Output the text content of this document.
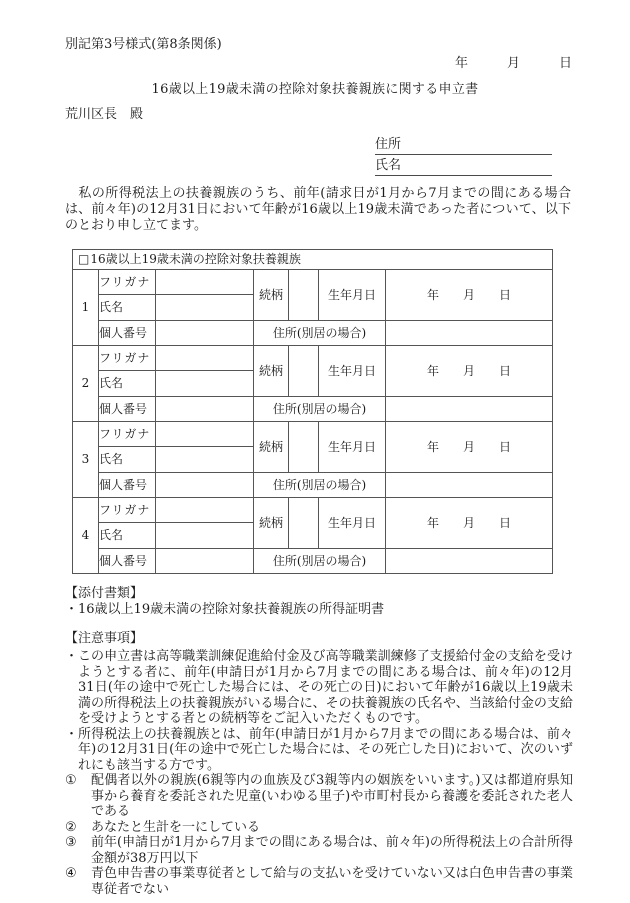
別記第3号様式(第8条関係)
年　　　月　　　日
16歳以上19歳未満の控除対象扶養親族に関する申立書
荒川区長　殿
住所
氏名

　私の所得税法上の扶養親族のうち、前年(請求日が1月から7月までの間にある場合は、前々年)の12月31日において年齢が16歳以上19歳未満であった者について、以下のとおり申し立てます。

□16歳以上19歳未満の控除対象扶養親族						
1	フリガナ		続柄		生年月日	年　　月　　日
	氏名					
	個人番号		住所(別居の場合)			
2	フリガナ		続柄		生年月日	年　　月　　日
	氏名					
	個人番号		住所(別居の場合)			
3	フリガナ		続柄		生年月日	年　　月　　日
	氏名					
	個人番号		住所(別居の場合)			
4	フリガナ		続柄		生年月日	年　　月　　日
	氏名					
	個人番号		住所(別居の場合)			
【添付書類】
・16歳以上19歳未満の控除対象扶養親族の所得証明書
【注意事項】
・ この申立書は高等職業訓練促進給付金及び高等職業訓練修了支援給付金の支給を受けようとする者に、前年(申請日が1月から7月までの間にある場合は、前々年)の12月31日(年の途中で死亡した場合には、その死亡の日)において年齢が16歳以上19歳未満の所得税法上の扶養親族がいる場合に、その扶養親族の氏名や、当該給付金の支給を受けようとする者との続柄等をご記入いただくものです。
・ 所得税法上の扶養親族とは、前年(申請日が1月から7月までの間にある場合は、前々年)の12月31日(年の途中で死亡した場合には、その死亡した日)において、次のいずれにも該当する方です。
①	配偶者以外の親族(6親等内の血族及び3親等内の姻族をいいます。)又は都道府県知事から養育を委託された児童(いわゆる里子)や市町村長から養護を委託された老人である
②	あなたと生計を一にしている
③	前年(申請日が1月から7月までの間にある場合は、前々年)の所得税法上の合計所得金額が38万円以下
④	青色申告書の事業専従者として給与の支払いを受けていない又は白色申告書の事業専従者でない
